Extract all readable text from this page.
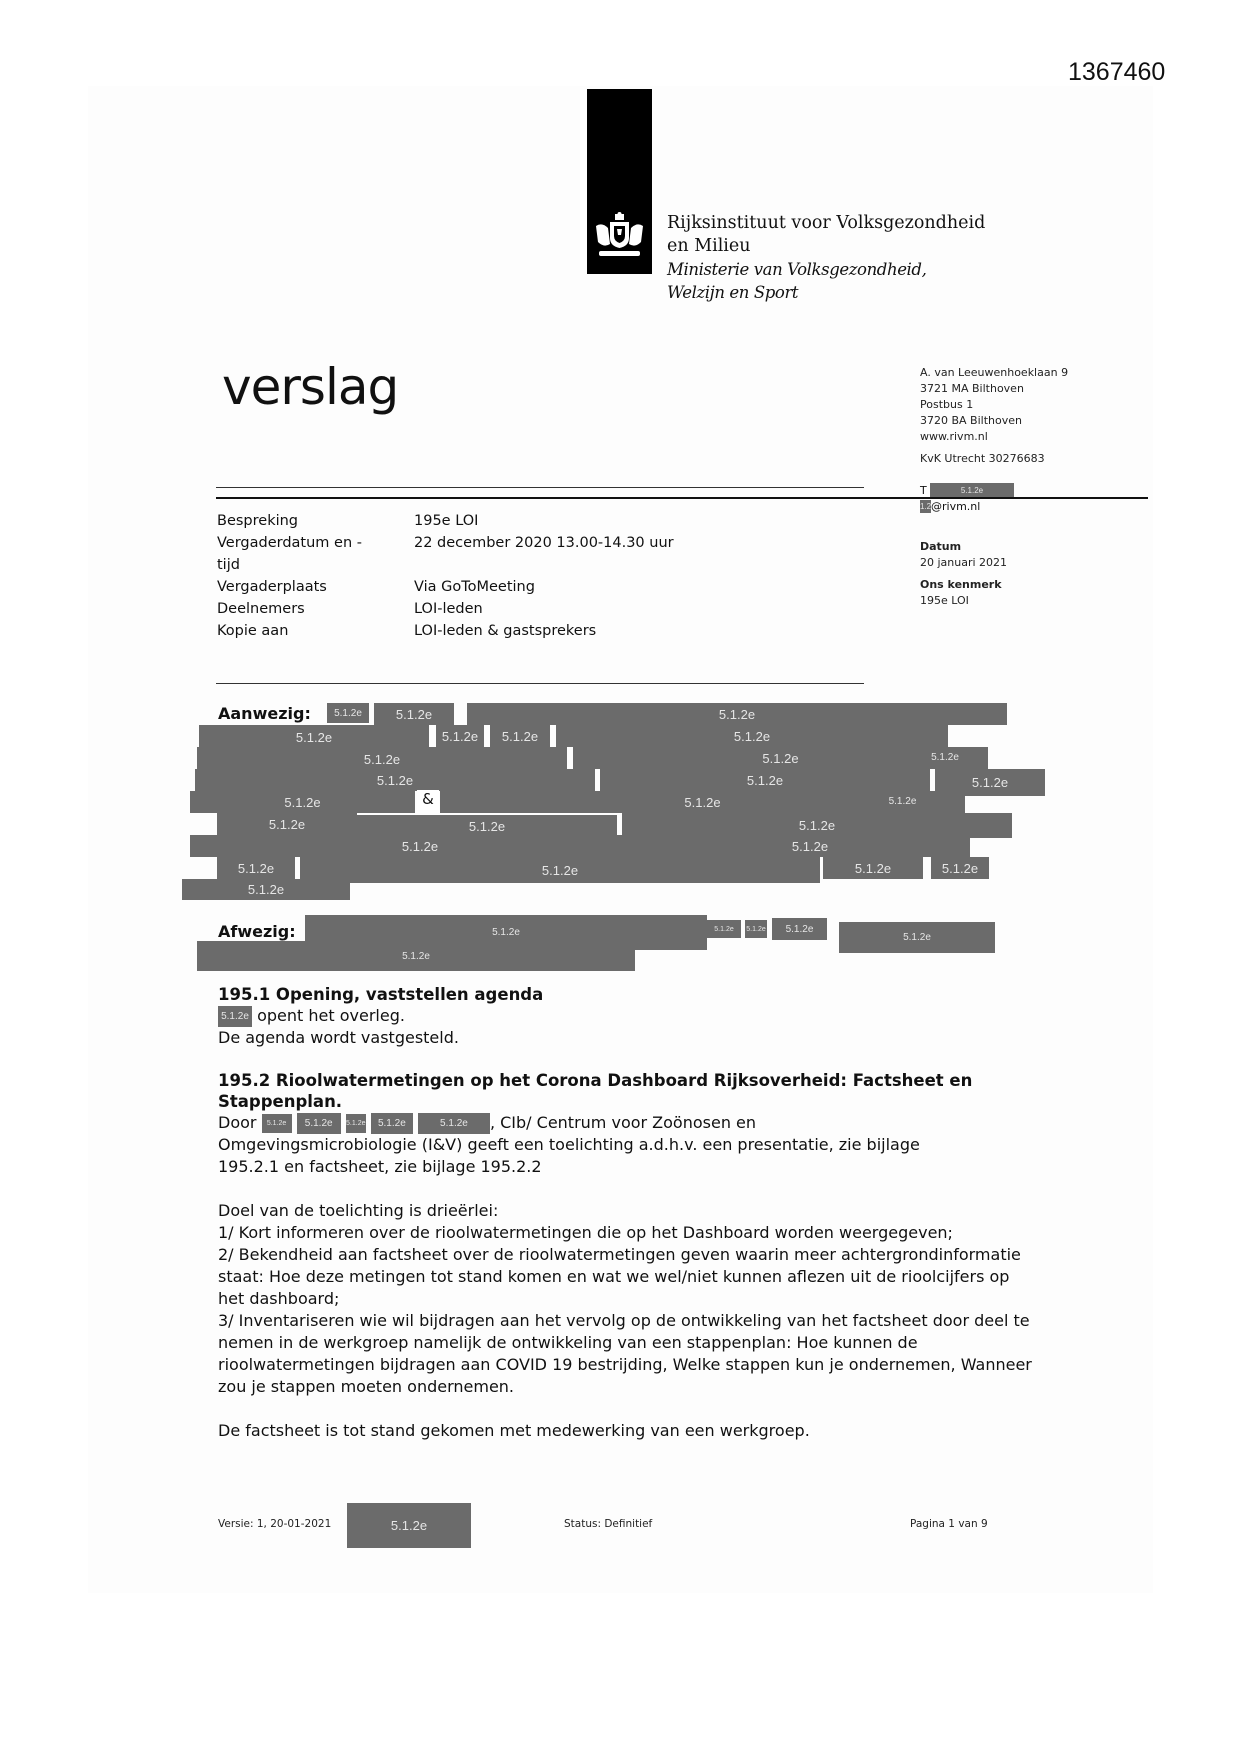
1367460
Rijksinstituut voor Volksgezondheid
en Milieu
Ministerie van Volksgezondheid,
Welzijn en Sport
verslag	A. van Leeuwenhoeklaan 9
3721 MA Bilthoven
Postbus 1
3720 BA Bilthoven
www.rivm.nl
KvK Utrecht 30276683
T	5.1.2e
1.2 @rivm.nl
Datum
20 januari 2021
Ons kenmerk
195e LOI
Bespreking	195e LOI
Vergaderdatum en -	22 december 2020 13.00-14.30 uur
tijd
Vergaderplaats	Via GoToMeeting
Deelnemers	LOI-leden
Kopie aan	LOI-leden & gastsprekers
Aanwezig:	5.1.2e	5.1.2e	5.1.2e
5.1.2e	5.1.2e	5.1.2e	5.1.2e
5.1.2e	5.1.2e	5.1.2e
5.1.2e	5.1.2e	5.1.2e
5.1.2e	&	5.1.2e	5.1.2e
5.1.2e	5.1.2e	5.1.2e
5.1.2e	5.1.2e
5.1.2e	5.1.2e	5.1.2e	5.1.2e
5.1.2e
Afwezig:	5.1.2e	5.1.2e	5.1.2e	5.1.2e
5.1.2e
5.1.2e
195.1 Opening, vaststellen agenda

5.1.2e opent het overleg.

De agenda wordt vastgesteld.

195.2 Rioolwatermetingen op het Corona Dashboard Rijksoverheid: Factsheet en Stappenplan.

Door 5.1.2e 5.1.2e 5.1.2e 5.1.2e	5.1.2e , CIb/ Centrum voor Zoönosen en

Omgevingsmicrobiologie (I&V) geeft een toelichting a.d.h.v. een presentatie, zie bijlage

195.2.1 en factsheet, zie bijlage 195.2.2

Doel van de toelichting is drieërlei:

1/ Kort informeren over de rioolwatermetingen die op het Dashboard worden weergegeven;

2/ Bekendheid aan factsheet over de rioolwatermetingen geven waarin meer achtergrondinformatie staat: Hoe deze metingen tot stand komen en wat we wel/niet kunnen aflezen uit de rioolcijfers op het dashboard;

3/ Inventariseren wie wil bijdragen aan het vervolg op de ontwikkeling van het factsheet door deel te nemen in de werkgroep namelijk de ontwikkeling van een stappenplan: Hoe kunnen de rioolwatermetingen bijdragen aan COVID 19 bestrijding, Welke stappen kun je ondernemen, Wanneer zou je stappen moeten ondernemen.

De factsheet is tot stand gekomen met medewerking van een werkgroep.

Versie: 1, 20-01-2021	5.1.2e	Status: Definitief	Pagina 1 van 9
